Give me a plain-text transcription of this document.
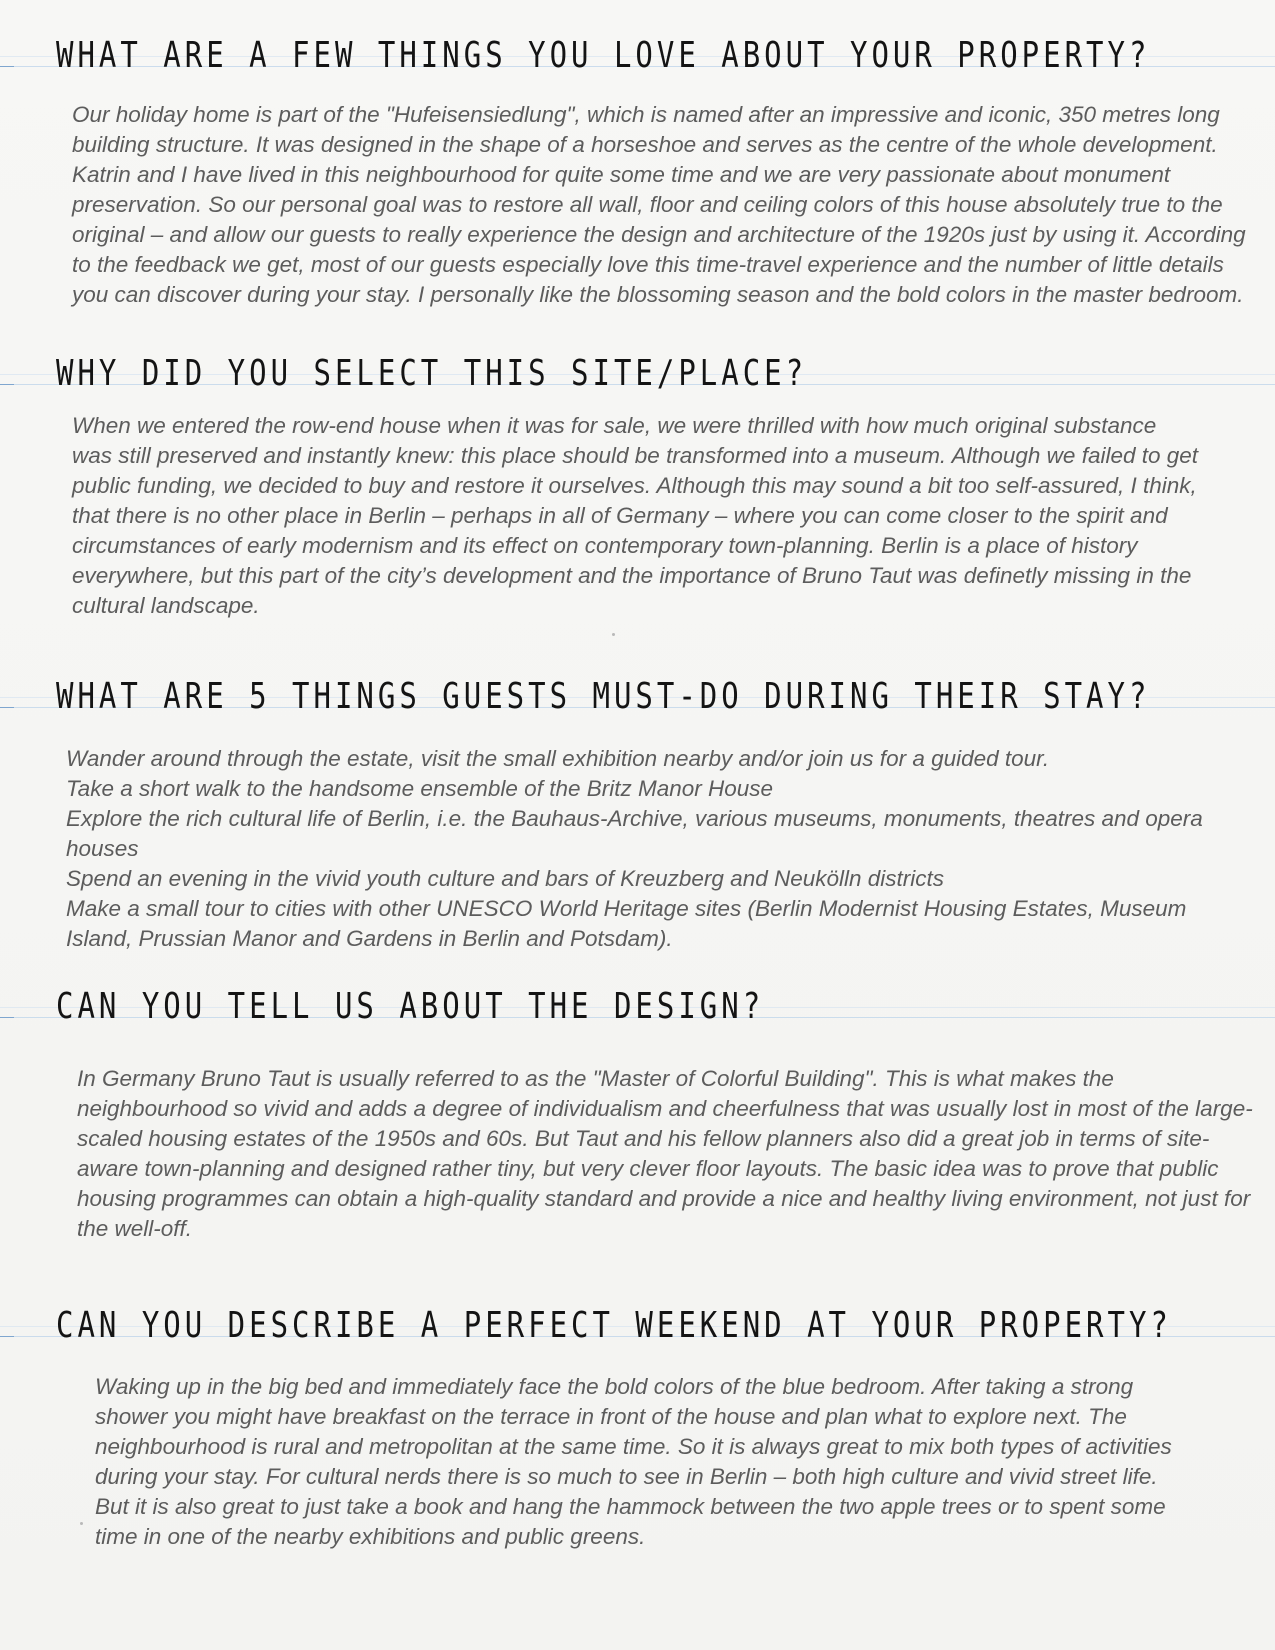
WHAT ARE A FEW THINGS YOU LOVE ABOUT YOUR PROPERTY?

Our holiday home is part of the "Hufeisensiedlung", which is named after an impressive and iconic, 350 metres long building structure. It was designed in the shape of a horseshoe and serves as the centre of the whole development. Katrin and I have lived in this neighbourhood for quite some time and we are very passionate about monument preservation. So our personal goal was to restore all wall, floor and ceiling colors of this house absolutely true to the original – and allow our guests to really experience the design and architecture of the 1920s just by using it. According to the feedback we get, most of our guests especially love this time-travel experience and the number of little details you can discover during your stay. I personally like the blossoming season and the bold colors in the master bedroom.

WHY DID YOU SELECT THIS SITE/PLACE?

When we entered the row-end house when it was for sale, we were thrilled with how much original substance was still preserved and instantly knew: this place should be transformed into a museum. Although we failed to get public funding, we decided to buy and restore it ourselves. Although this may sound a bit too self-assured, I think, that there is no other place in Berlin – perhaps in all of Germany – where you can come closer to the spirit and circumstances of early modernism and its effect on contemporary town-planning. Berlin is a place of history everywhere, but this part of the city’s development and the importance of Bruno Taut was definetly missing in the cultural landscape.

WHAT ARE 5 THINGS GUESTS MUST-DO DURING THEIR STAY?
Wander around through the estate, visit the small exhibition nearby and/or join us for a guided tour.
Take a short walk to the handsome ensemble of the Britz Manor House
Explore the rich cultural life of Berlin, i.e. the Bauhaus-Archive, various museums, monuments, theatres and opera houses
Spend an evening in the vivid youth culture and bars of Kreuzberg and Neukölln districts
Make a small tour to cities with other UNESCO World Heritage sites (Berlin Modernist Housing Estates, Museum Island, Prussian Manor and Gardens in Berlin and Potsdam).
CAN YOU TELL US ABOUT THE DESIGN?

In Germany Bruno Taut is usually referred to as the "Master of Colorful Building". This is what makes the neighbourhood so vivid and adds a degree of individualism and cheerfulness that was usually lost in most of the large-scaled housing estates of the 1950s and 60s. But Taut and his fellow planners also did a great job in terms of site-aware town-planning and designed rather tiny, but very clever floor layouts. The basic idea was to prove that public housing programmes can obtain a high-quality standard and provide a nice and healthy living environment, not just for the well-off.

CAN YOU DESCRIBE A PERFECT WEEKEND AT YOUR PROPERTY?

Waking up in the big bed and immediately face the bold colors of the blue bedroom. After taking a strong shower you might have breakfast on the terrace in front of the house and plan what to explore next. The neighbourhood is rural and metropolitan at the same time. So it is always great to mix both types of activities during your stay. For cultural nerds there is so much to see in Berlin – both high culture and vivid street life. But it is also great to just take a book and hang the hammock between the two apple trees or to spent some time in one of the nearby exhibitions and public greens.
